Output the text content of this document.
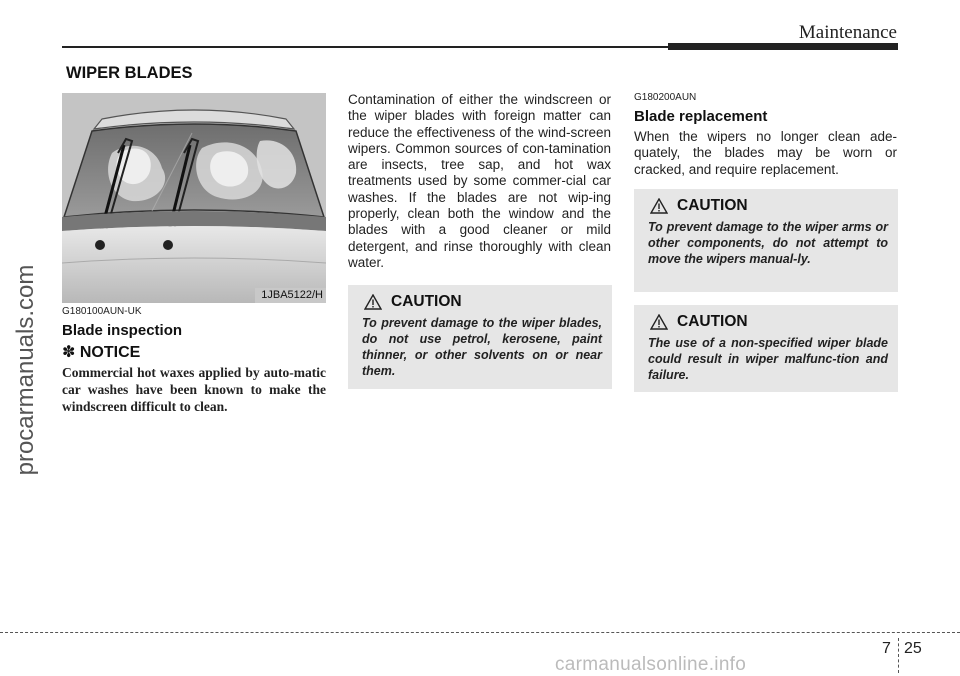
Maintenance
WIPER BLADES
procarmanuals.com	1JBA5122/H
G180100AUN-UK
Blade inspection
✽ NOTICE
Commercial hot waxes applied by auto-matic car washes have been known to make the windscreen difficult to clean.
Contamination of either the windscreen or the wiper blades with foreign matter can reduce the effectiveness of the wind-screen wipers. Common sources of con-tamination are insects, tree sap, and hot wax treatments used by some commer-cial car washes. If the blades are not wip-ing properly, clean both the window and the blades with a good cleaner or mild detergent, and rinse thoroughly with clean water.
CAUTION
To prevent damage to the wiper blades, do not use petrol, kerosene, paint thinner, or other solvents on or near them.
G180200AUN
Blade replacement
When the wipers no longer clean ade-quately, the blades may be worn or cracked, and require replacement.
CAUTION
To prevent damage to the wiper arms or other components, do not attempt to move the wipers manual-ly.
CAUTION
The use of a non-specified wiper blade could result in wiper malfunc-tion and failure.
7 25
carmanualsonline.info
